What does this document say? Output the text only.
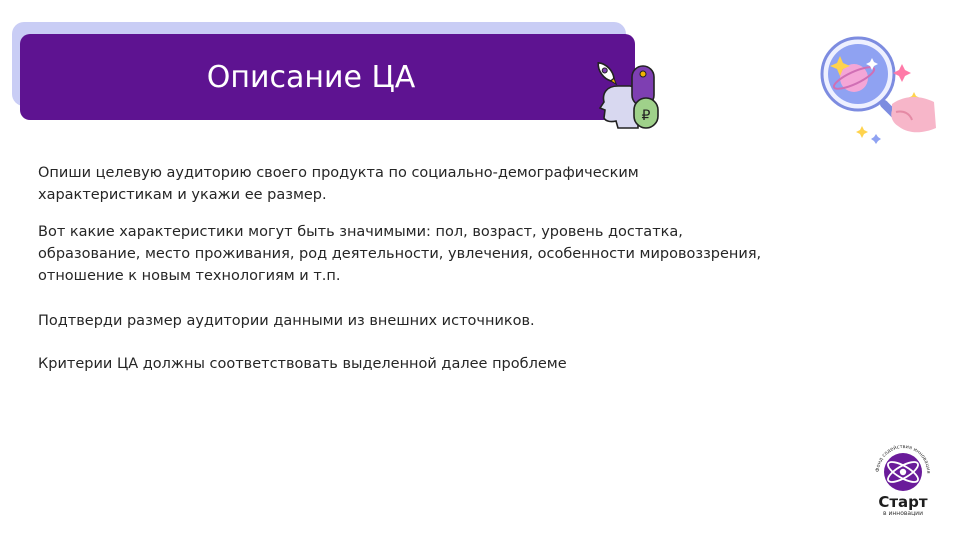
Описание ЦА
₽
Опиши целевую аудиторию своего продукта по социально-демографическим
характеристикам и укажи ее размер.
Вот какие характеристики могут быть значимыми: пол, возраст, уровень достатка,
образование, место проживания, род деятельности, увлечения, особенности мировоззрения,
отношение к новым технологиям и т.п.
Подтверди размер аудитории данными из внешних источников.
Критерии ЦА должны соответствовать выделенной далее проблеме
Фонд содействия инновация
Старт
в инновации
